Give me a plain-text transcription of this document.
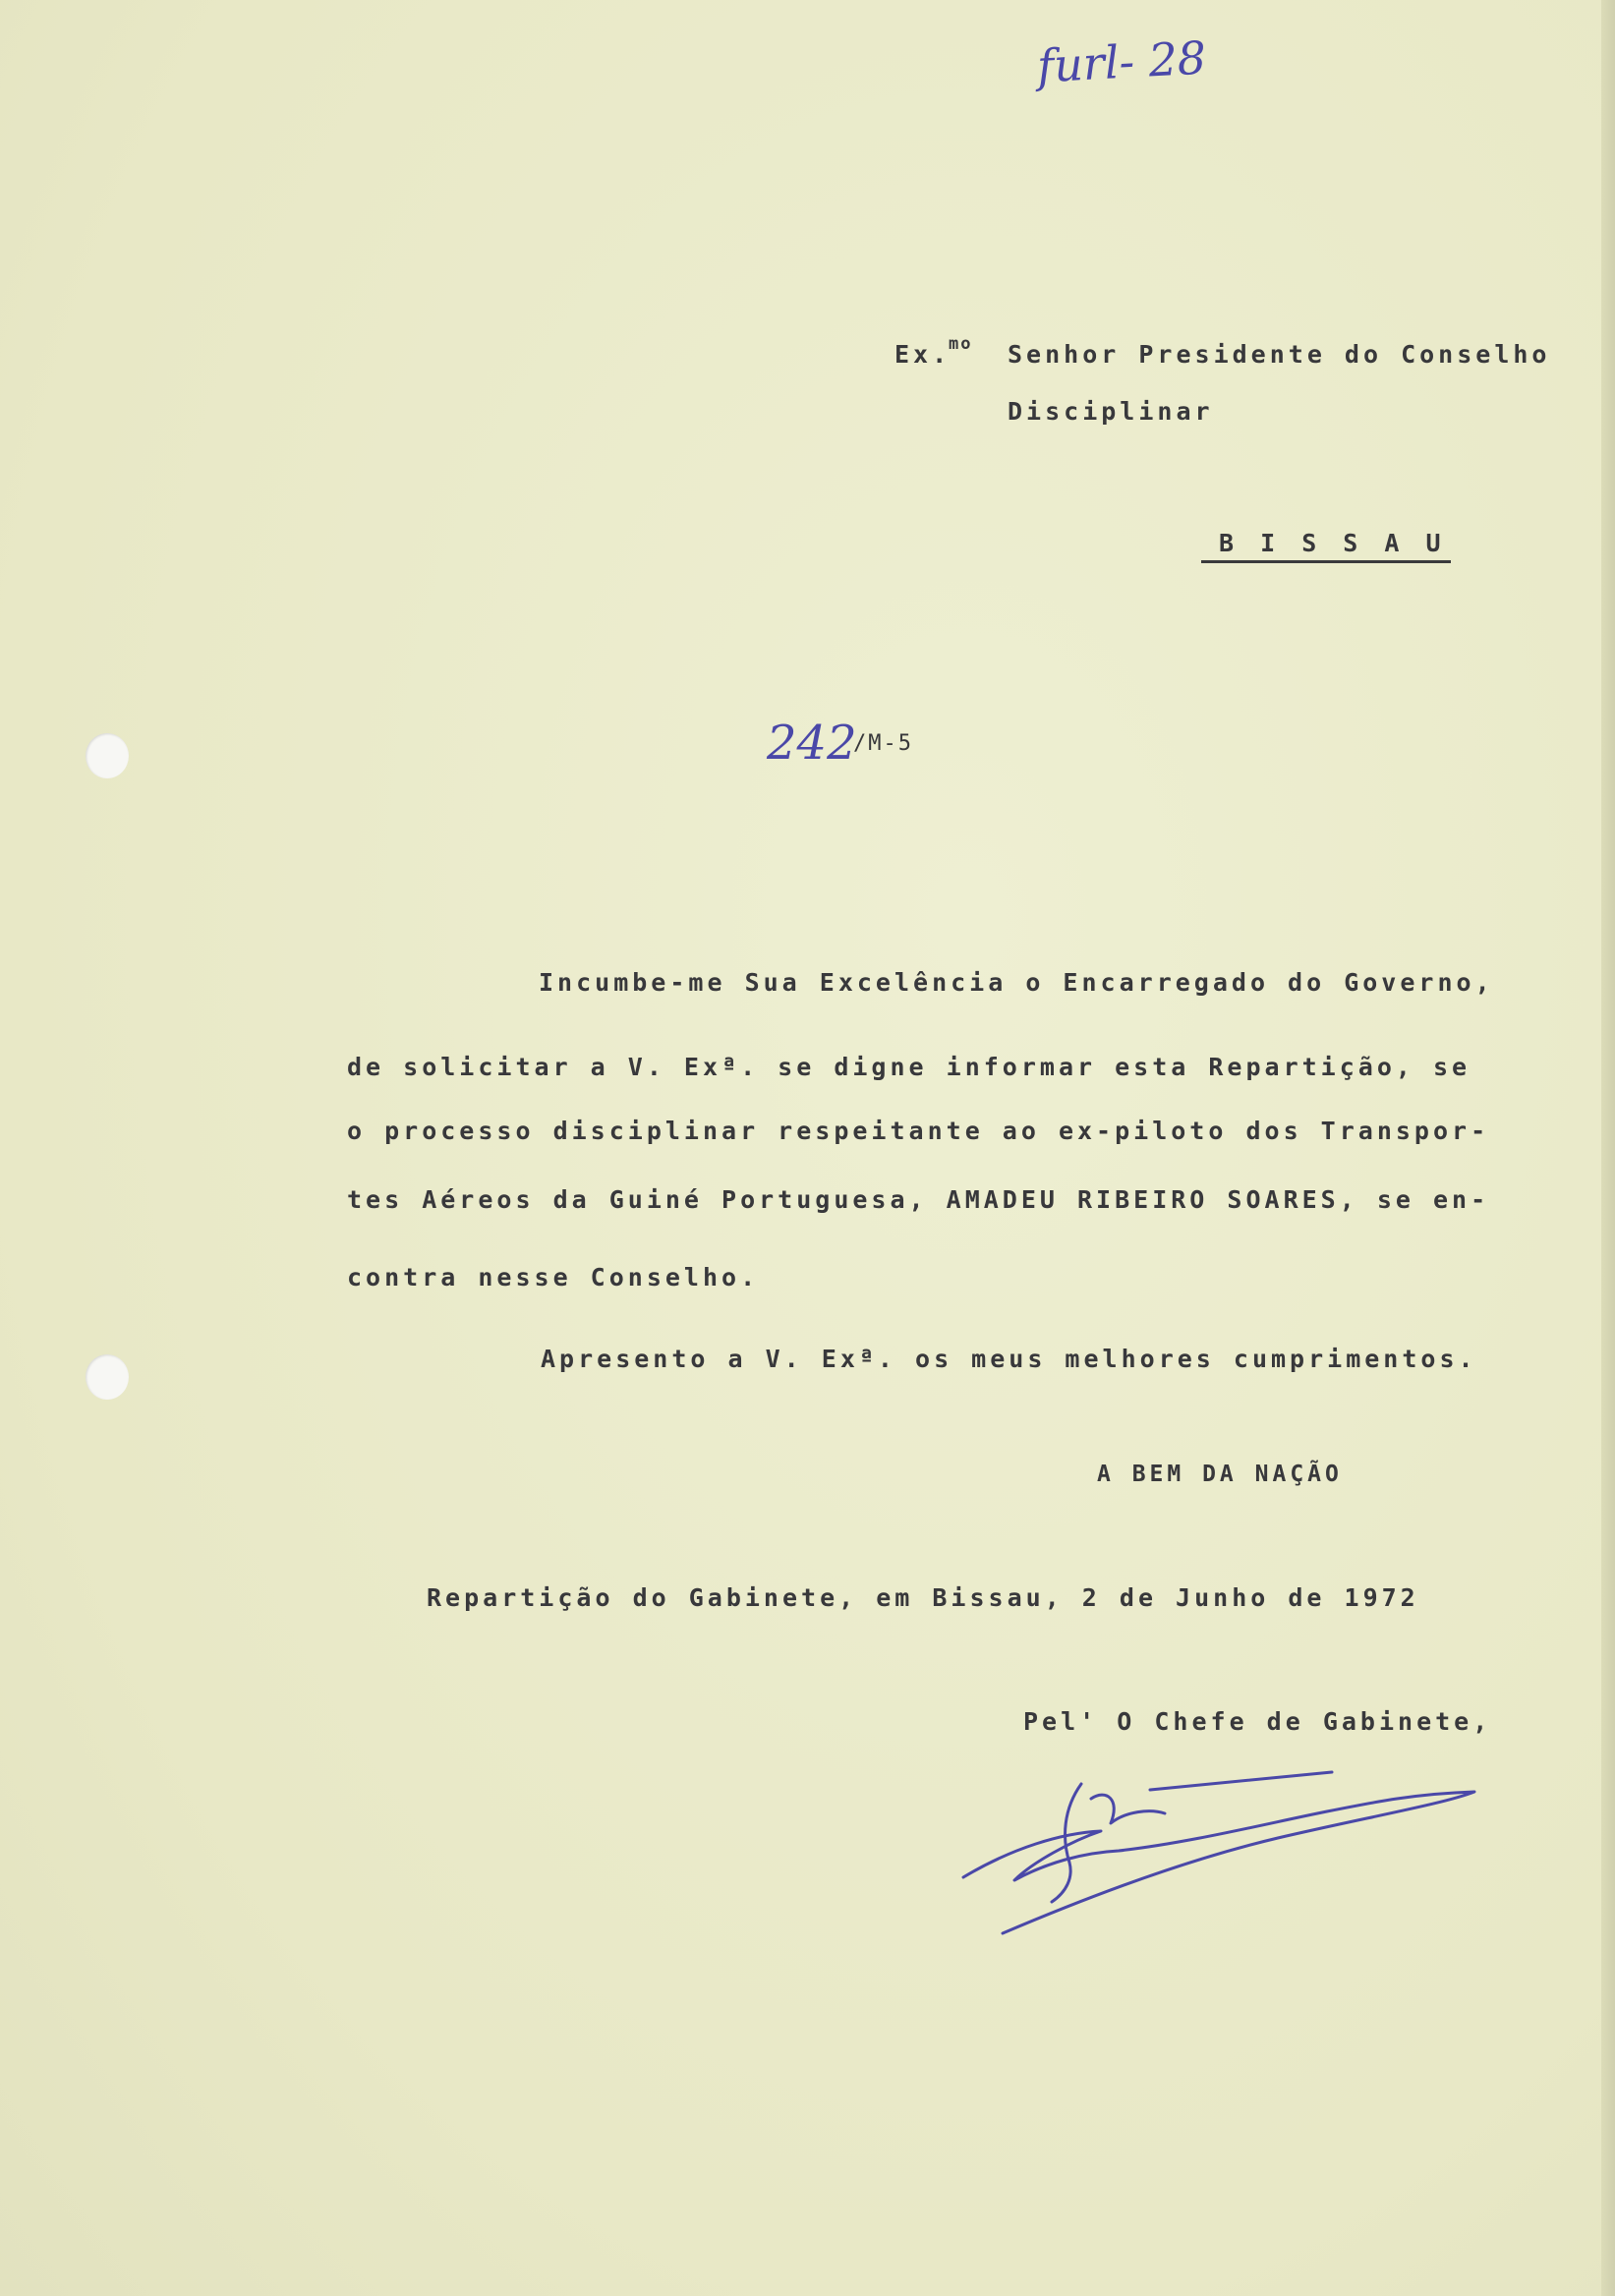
furl- 28
Ex.
mo Senhor Presidente do Conselho
Disciplinar
B I S S A U
242
/M-5
Incumbe-me Sua Excelência o Encarregado do Governo,
de solicitar a V. Exª. se digne informar esta Repartição, se
o processo disciplinar respeitante ao ex-piloto dos Transpor-
tes Aéreos da Guiné Portuguesa, AMADEU RIBEIRO SOARES, se en-
contra nesse Conselho.
Apresento a V. Exª. os meus melhores cumprimentos.
A BEM DA NAÇÃO
Repartição do Gabinete, em Bissau, 2 de Junho de 1972
Pel' O Chefe de Gabinete,
